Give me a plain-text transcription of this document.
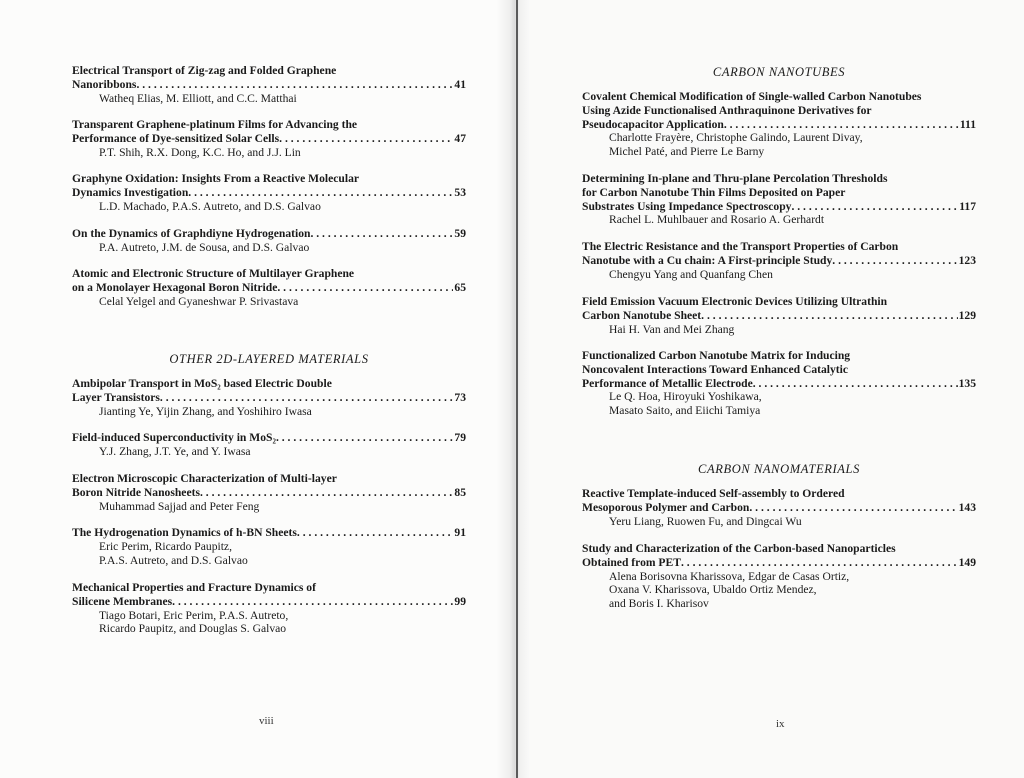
Electrical Transport of Zig-zag and Folded Graphene
Nanoribbons . . .	41
Watheq Elias, M. Elliott, and C.C. Matthai
Transparent Graphene-platinum Films for Advancing the
Performance of Dye-sensitized Solar Cells . . .	47
P.T. Shih, R.X. Dong, K.C. Ho, and J.J. Lin
Graphyne Oxidation: Insights From a Reactive Molecular
Dynamics Investigation . . .	53
L.D. Machado, P.A.S. Autreto, and D.S. Galvao
On the Dynamics of Graphdiyne Hydrogenation . . .	59
P.A. Autreto, J.M. de Sousa, and D.S. Galvao
Atomic and Electronic Structure of Multilayer Graphene
on a Monolayer Hexagonal Boron Nitride . . .	65
Celal Yelgel and Gyaneshwar P. Srivastava
Ambipolar Transport in MoS₂ based Electric Double
Layer Transistors . . .	73
Jianting Ye, Yijin Zhang, and Yoshihiro Iwasa
Field-induced Superconductivity in MoS₂ . . .	79
Y.J. Zhang, J.T. Ye, and Y. Iwasa
Electron Microscopic Characterization of Multi-layer
Boron Nitride Nanosheets . . .	85
Muhammad Sajjad and Peter Feng
The Hydrogenation Dynamics of h-BN Sheets . . .	91
Eric Perim, Ricardo Paupitz,
P.A.S. Autreto, and D.S. Galvao
Mechanical Properties and Fracture Dynamics of
Silicene Membranes . . .	99
Tiago Botari, Eric Perim, P.A.S. Autreto,
Ricardo Paupitz, and Douglas S. Galvao
OTHER 2D-LAYERED MATERIALS
Covalent Chemical Modification of Single-walled Carbon Nanotubes
Using Azide Functionalised Anthraquinone Derivatives for
Pseudocapacitor Application . . .	111
Charlotte Frayère, Christophe Galindo, Laurent Divay,
Michel Paté, and Pierre Le Barny
Determining In-plane and Thru-plane Percolation Thresholds
for Carbon Nanotube Thin Films Deposited on Paper
Substrates Using Impedance Spectroscopy . . .	117
Rachel L. Muhlbauer and Rosario A. Gerhardt
The Electric Resistance and the Transport Properties of Carbon
Nanotube with a Cu chain: A First-principle Study . . .	123
Chengyu Yang and Quanfang Chen
Field Emission Vacuum Electronic Devices Utilizing Ultrathin
Carbon Nanotube Sheet . . .	129
Hai H. Van and Mei Zhang
Functionalized Carbon Nanotube Matrix for Inducing
Noncovalent Interactions Toward Enhanced Catalytic
Performance of Metallic Electrode . . .	135
Le Q. Hoa, Hiroyuki Yoshikawa,
Masato Saito, and Eiichi Tamiya
Reactive Template-induced Self-assembly to Ordered
Mesoporous Polymer and Carbon . . .	143
Yeru Liang, Ruowen Fu, and Dingcai Wu
Study and Characterization of the Carbon-based Nanoparticles
Obtained from PET . . .	149
Alena Borisovna Kharissova, Edgar de Casas Ortiz,
Oxana V. Kharissova, Ubaldo Ortiz Mendez,
and Boris I. Kharisov
CARBON NANOTUBES
CARBON NANOMATERIALS
viii	ix
